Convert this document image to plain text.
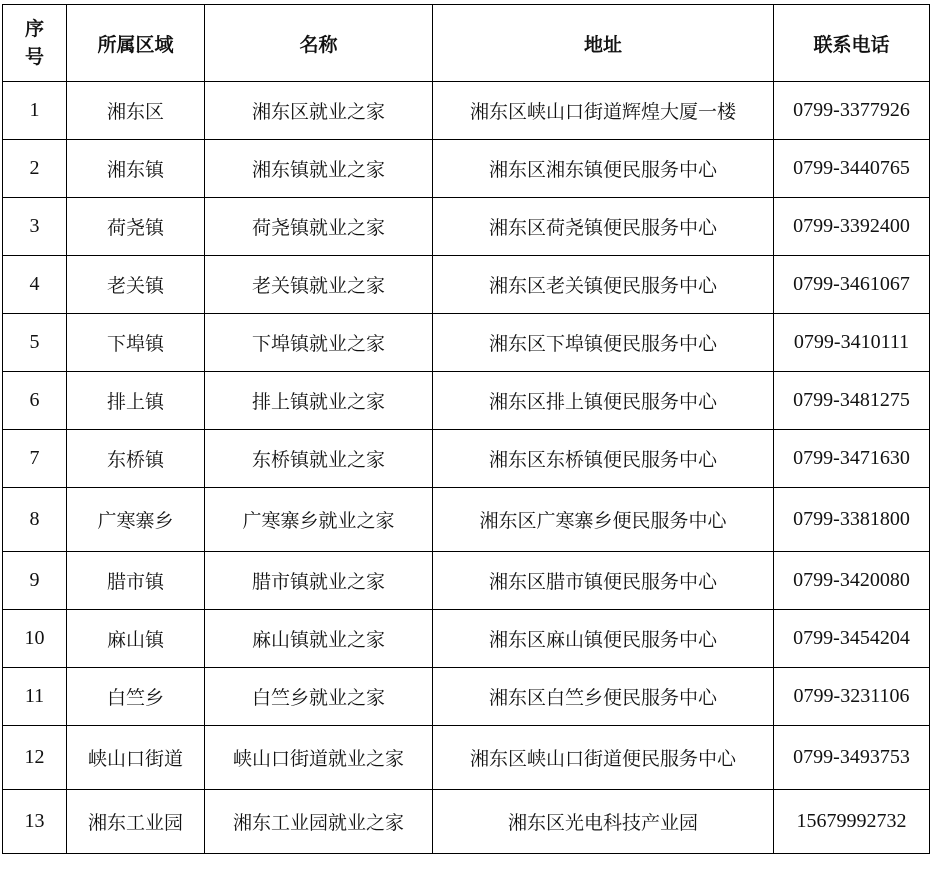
序号	所属区域	名称	地址	联系电话
1	湘东区	湘东区就业之家	湘东区峡山口街道辉煌大厦一楼	0799-3377926
2	湘东镇	湘东镇就业之家	湘东区湘东镇便民服务中心	0799-3440765
3	荷尧镇	荷尧镇就业之家	湘东区荷尧镇便民服务中心	0799-3392400
4	老关镇	老关镇就业之家	湘东区老关镇便民服务中心	0799-3461067
5	下埠镇	下埠镇就业之家	湘东区下埠镇便民服务中心	0799-3410111
6	排上镇	排上镇就业之家	湘东区排上镇便民服务中心	0799-3481275
7	东桥镇	东桥镇就业之家	湘东区东桥镇便民服务中心	0799-3471630
8	广寒寨乡	广寒寨乡就业之家	湘东区广寒寨乡便民服务中心	0799-3381800
9	腊市镇	腊市镇就业之家	湘东区腊市镇便民服务中心	0799-3420080
10	麻山镇	麻山镇就业之家	湘东区麻山镇便民服务中心	0799-3454204
11	白竺乡	白竺乡就业之家	湘东区白竺乡便民服务中心	0799-3231106
12	峡山口街道	峡山口街道就业之家	湘东区峡山口街道便民服务中心	0799-3493753
13	湘东工业园	湘东工业园就业之家	湘东区光电科技产业园	15679992732
